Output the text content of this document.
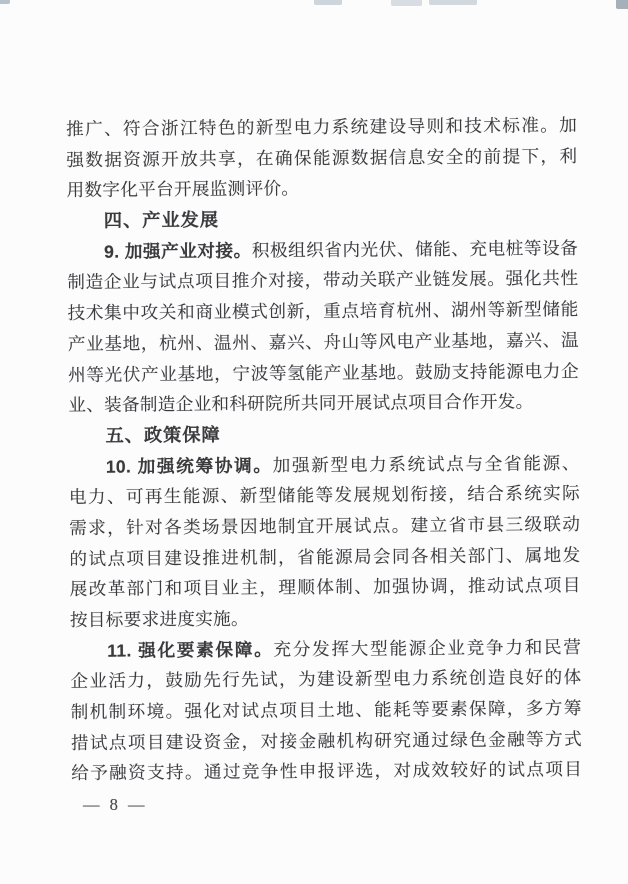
推广、符合浙江特色的新型电力系统建设导则和技术标准。加
强数据资源开放共享，在确保能源数据信息安全的前提下，利
用数字化平台开展监测评价。
四、产业发展
9. 加强产业对接。积极组织省内光伏、储能、充电桩等设备
制造企业与试点项目推介对接，带动关联产业链发展。强化共性
技术集中攻关和商业模式创新，重点培育杭州、湖州等新型储能
产业基地，杭州、温州、嘉兴、舟山等风电产业基地，嘉兴、温
州等光伏产业基地，宁波等氢能产业基地。鼓励支持能源电力企
业、装备制造企业和科研院所共同开展试点项目合作开发。
五、政策保障
10. 加强统筹协调。加强新型电力系统试点与全省能源、
电力、可再生能源、新型储能等发展规划衔接，结合系统实际
需求，针对各类场景因地制宜开展试点。建立省市县三级联动
的试点项目建设推进机制，省能源局会同各相关部门、属地发
展改革部门和项目业主，理顺体制、加强协调，推动试点项目
按目标要求进度实施。
11. 强化要素保障。充分发挥大型能源企业竞争力和民营
企业活力，鼓励先行先试，为建设新型电力系统创造良好的体
制机制环境。强化对试点项目土地、能耗等要素保障，多方筹
措试点项目建设资金，对接金融机构研究通过绿色金融等方式
给予融资支持。通过竞争性申报评选，对成效较好的试点项目
— 8 —
